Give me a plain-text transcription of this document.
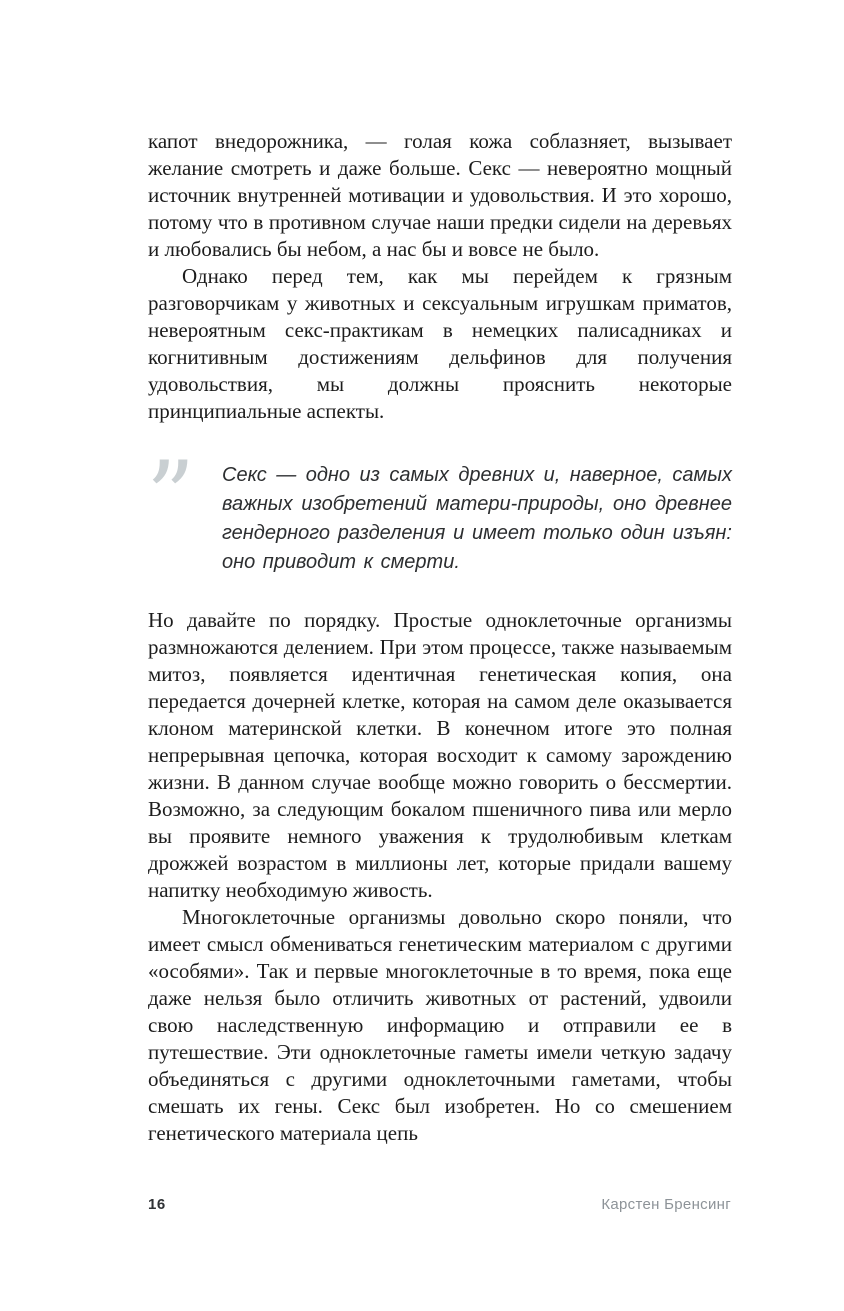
капот внедорожника, — голая кожа соблазняет, вызывает желание смотреть и даже больше. Секс — невероятно мощный источник внутренней мотивации и удовольствия. И это хорошо, потому что в противном случае наши предки сидели на деревьях и любовались бы небом, а нас бы и вовсе не было.

Однако перед тем, как мы перейдем к грязным разговорчикам у животных и сексуальным игрушкам приматов, невероятным секс-практикам в немецких палисадниках и когнитивным достижениям дельфинов для получения удовольствия, мы должны прояснить некоторые принципиальные аспекты.

” Секс — одно из самых древних и, наверное, самых важных изобретений матери-природы, оно древнее гендерного разделения и имеет только один изъян: оно приводит к смерти.

Но давайте по порядку. Простые одноклеточные организмы размножаются делением. При этом процессе, также называемым митоз, появляется идентичная генетическая копия, она передается дочерней клетке, которая на самом деле оказывается клоном материнской клетки. В конечном итоге это полная непрерывная цепочка, которая восходит к самому зарождению жизни. В данном случае вообще можно говорить о бессмертии. Возможно, за следующим бокалом пшеничного пива или мерло вы проявите немного уважения к трудолюбивым клеткам дрожжей возрастом в миллионы лет, которые придали вашему напитку необходимую живость.

Многоклеточные организмы довольно скоро поняли, что имеет смысл обмениваться генетическим материалом с другими «особями». Так и первые многоклеточные в то время, пока еще даже нельзя было отличить животных от растений, удвоили свою наследственную информацию и отправили ее в путешествие. Эти одноклеточные гаметы имели четкую задачу объединяться с другими одноклеточными гаметами, чтобы смешать их гены. Секс был изобретен. Но со смешением генетического материала цепь

16	Карстен Бренсинг
